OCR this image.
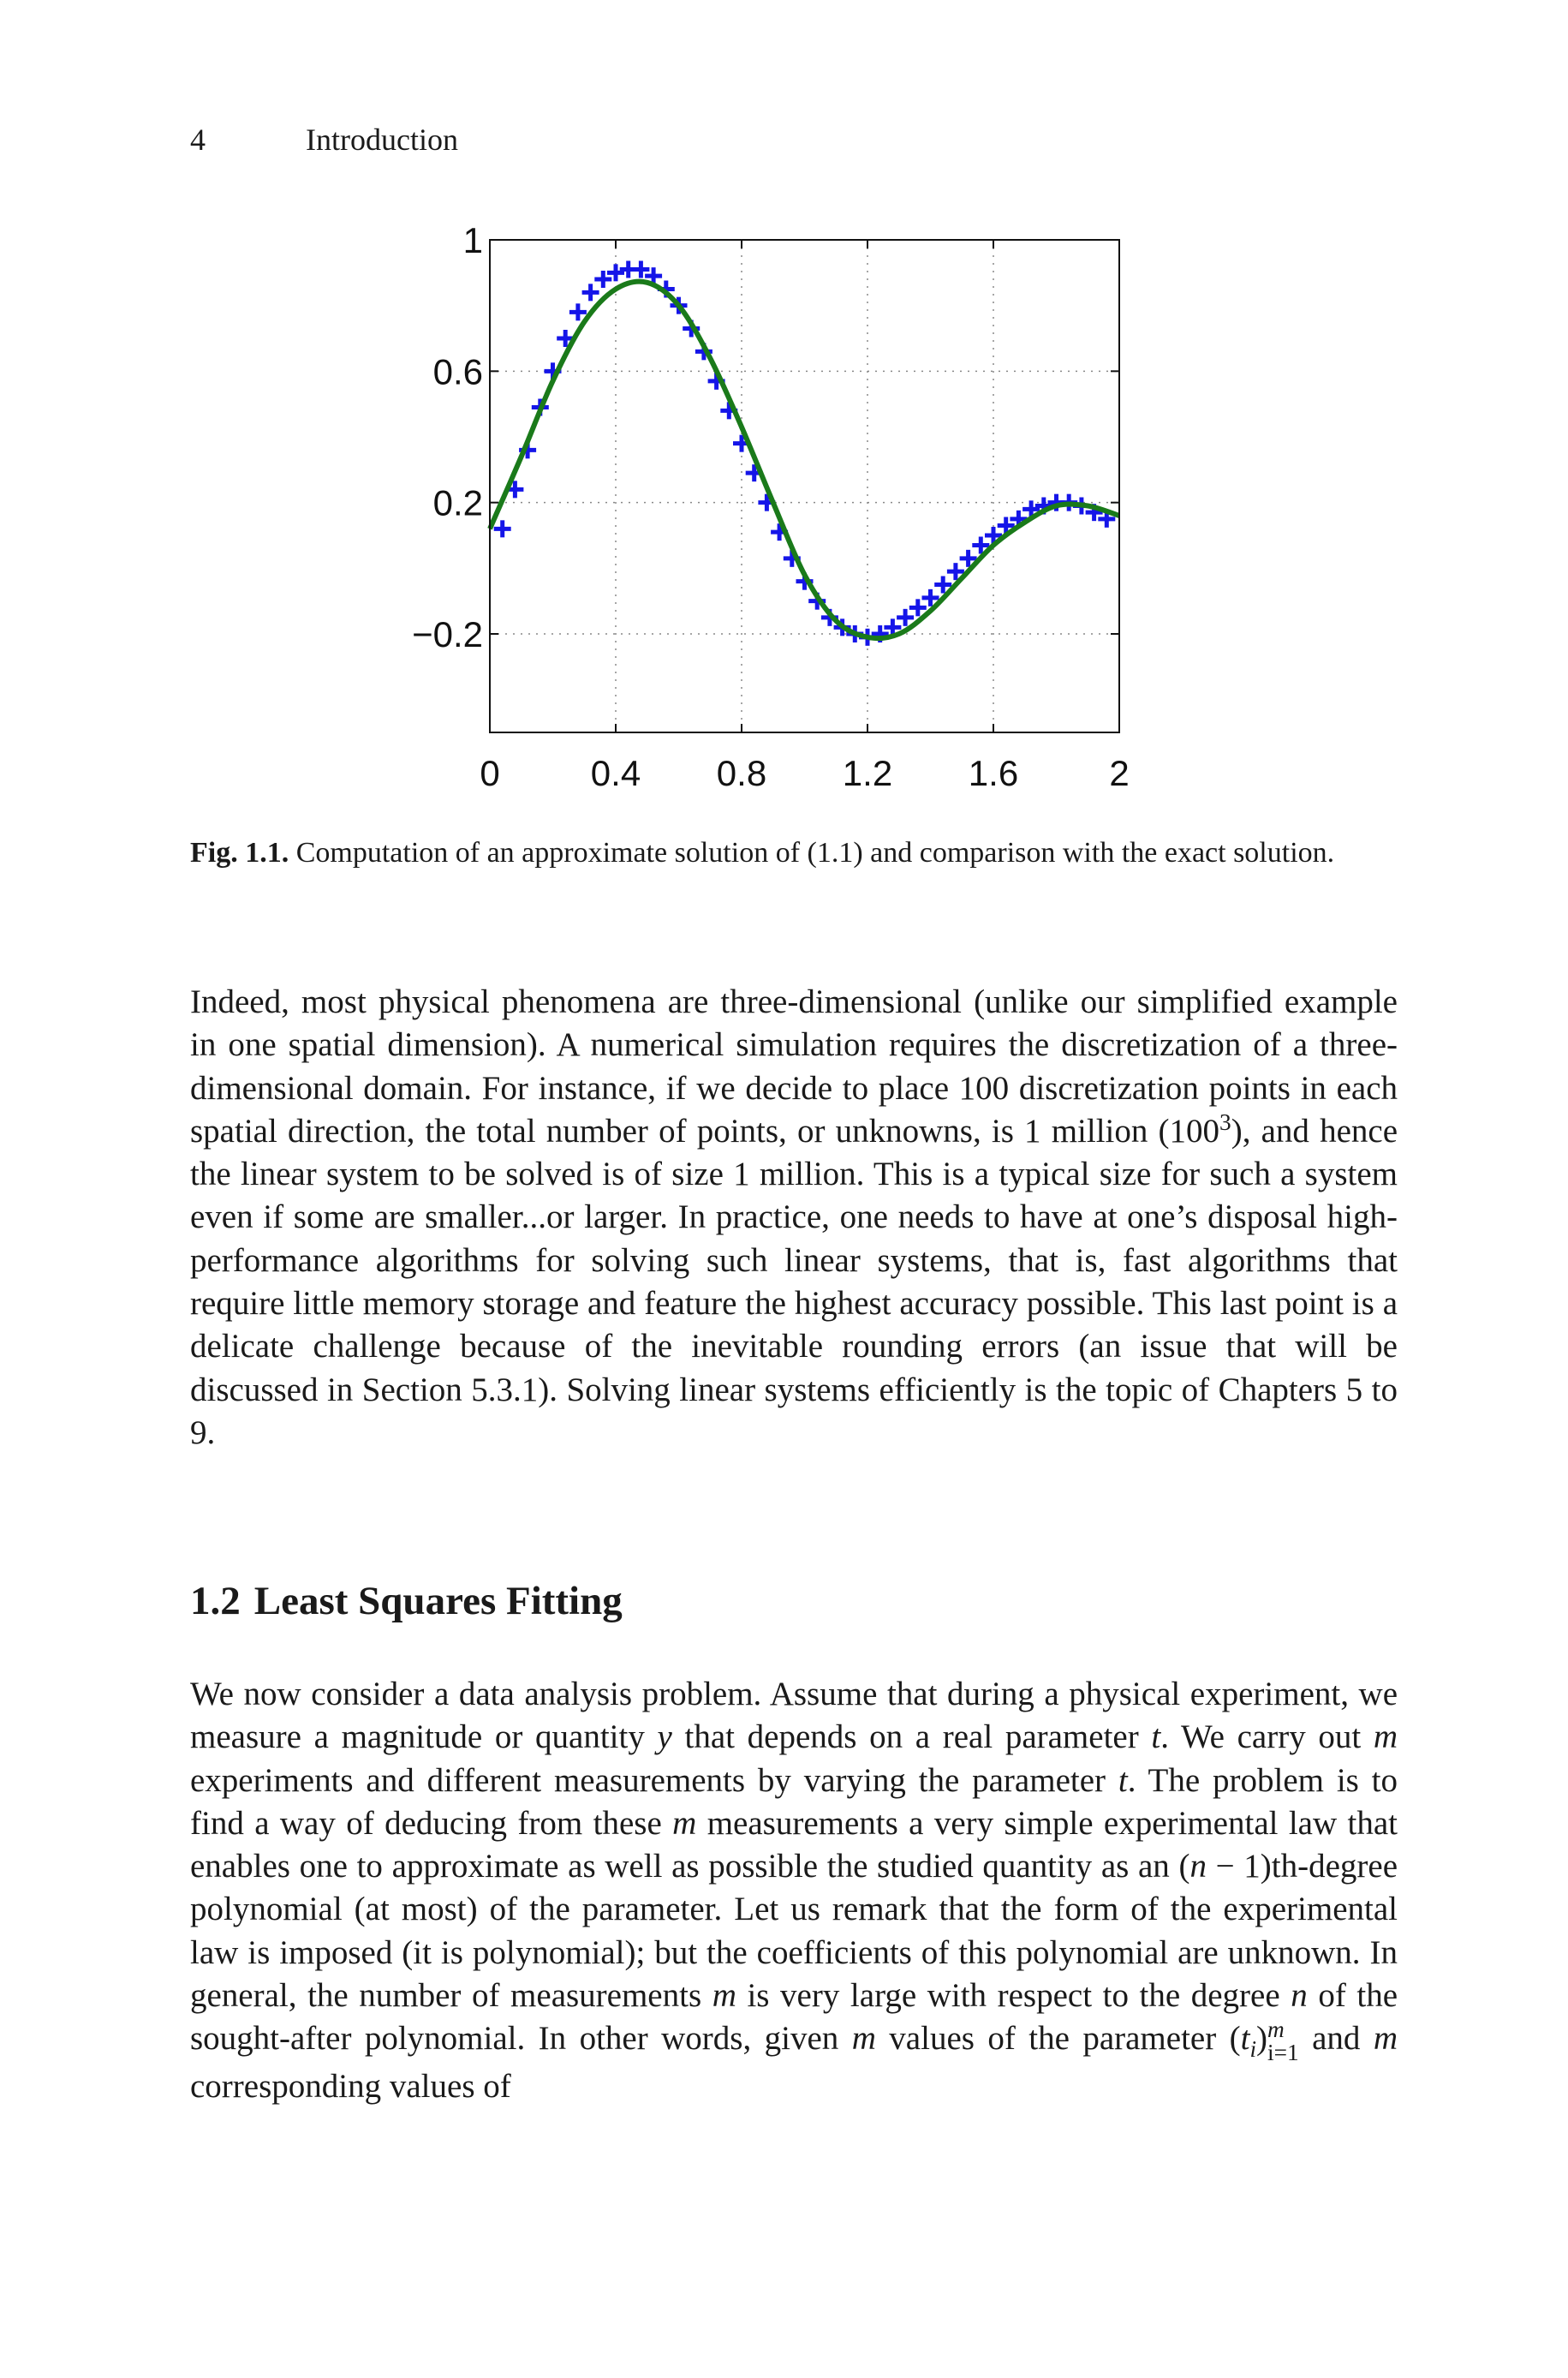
4	Introduction
−0.2
0.2
0.6
1
0	0.4 0.8 1.2 1.6	2
Fig. 1.1. Computation of an approximate solution of (1.1) and comparison with the exact solution.

Indeed, most physical phenomena are three-dimensional (unlike our simplified example in one spatial dimension). A numerical simulation requires the discretization of a three-dimensional domain. For instance, if we decide to place 100 discretization points in each spatial direction, the total number of points, or unknowns, is 1 million $(100^3)$, and hence the linear system to be solved is of size 1 million. This is a typical size for such a system even if some are smaller...or larger. In practice, one needs to have at one’s disposal high-performance algorithms for solving such linear systems, that is, fast algorithms that require little memory storage and feature the highest accuracy possible. This last point is a delicate challenge because of the inevitable rounding errors (an issue that will be discussed in Section 5.3.1). Solving linear systems efficiently is the topic of Chapters 5 to 9.

1.2 Least Squares Fitting

We now consider a data analysis problem. Assume that during a physical experiment, we measure a magnitude or quantity y that depends on a real parameter t. We carry out m experiments and different measurements by varying the parameter t. The problem is to find a way of deducing from these m measurements a very simple experimental law that enables one to approximate as well as possible the studied quantity as an (n − 1)th-degree polynomial (at most) of the parameter. Let us remark that the form of the experimental law is imposed (it is polynomial); but the coefficients of this polynomial are unknown. In general, the number of measurements m is very large with respect to the degree n of the sought-after polynomial. In other words, given m values of the parameter $(t_i)$ m
i=1 and m corresponding values of
